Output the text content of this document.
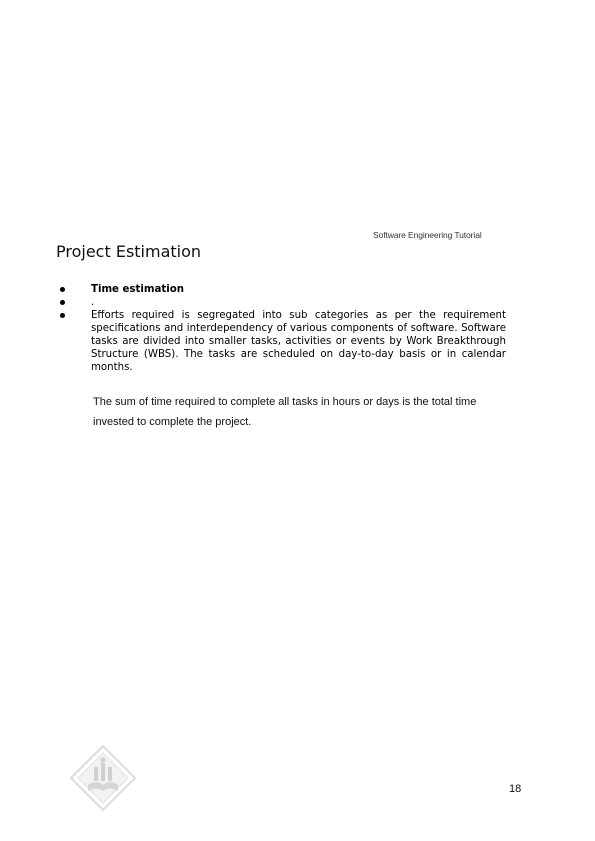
Software Engineering Tutorial
Project Estimation
Time estimation
.
Efforts required is segregated into sub categories as per the requirement specifications and interdependency of various components of software. Software tasks are divided into smaller tasks, activities or events by Work Breakthrough Structure (WBS). The tasks are scheduled on day-to-day basis or in calendar months.

The sum of time required to complete all tasks in hours or days is the total time invested to complete the project.

18
